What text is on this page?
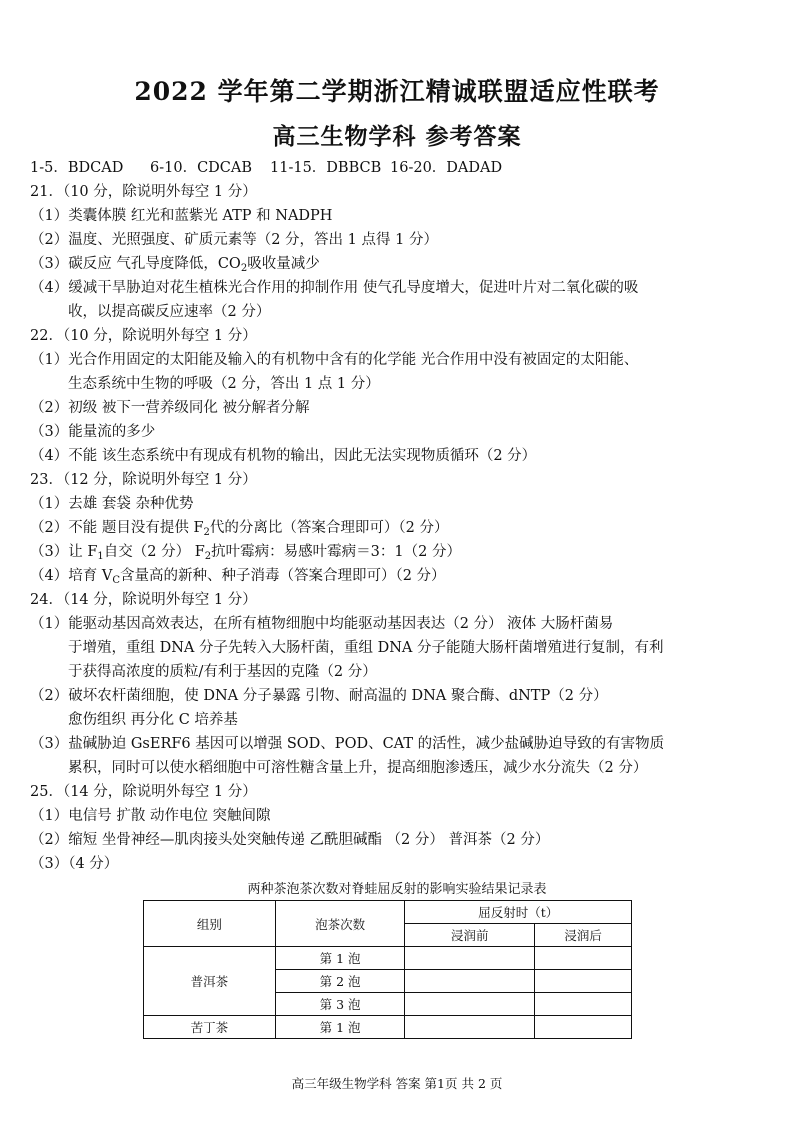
2022 学年第二学期浙江精诚联盟适应性联考
高三生物学科 参考答案
1-5．BDCAD 6-10．CDCAB 11-15．DBBCB 16-20．DADAD
21．（10 分，除说明外每空 1 分）
（1）类囊体膜 红光和蓝紫光 ATP 和 NADPH
（2）温度、光照强度、矿质元素等（2 分，答出 1 点得 1 分）
（3）碳反应 气孔导度降低，$CO_2$吸收量减少
（4）缓减干旱胁迫对花生植株光合作用的抑制作用 使气孔导度增大，促进叶片对二氧化碳的吸
收，以提高碳反应速率（2 分）
22．（10 分，除说明外每空 1 分）
（1）光合作用固定的太阳能及输入的有机物中含有的化学能 光合作用中没有被固定的太阳能、
生态系统中生物的呼吸（2 分，答出 1 点 1 分）
（2）初级 被下一营养级同化 被分解者分解
（3）能量流的多少
（4）不能 该生态系统中有现成有机物的输出，因此无法实现物质循环（2 分）
23．（12 分，除说明外每空 1 分）
（1）去雄 套袋 杂种优势
（2）不能 题目没有提供 $F_2$代的分离比（答案合理即可）（2 分）
（3）让 $F_1$自交（2 分） $F_2$抗叶霉病：易感叶霉病＝3：1（2 分）
（4）培育 $V_C$含量高的新种、种子消毒（答案合理即可）（2 分）
24．（14 分，除说明外每空 1 分）
（1）能驱动基因高效表达，在所有植物细胞中均能驱动基因表达（2 分） 液体 大肠杆菌易
于增殖，重组 DNA 分子先转入大肠杆菌，重组 DNA 分子能随大肠杆菌增殖进行复制，有利
于获得高浓度的质粒/有利于基因的克隆（2 分）
（2）破坏农杆菌细胞，使 DNA 分子暴露 引物、耐高温的 DNA 聚合酶、dNTP（2 分）
愈伤组织 再分化 C 培养基
（3）盐碱胁迫 GsERF6 基因可以增强 SOD、POD、CAT 的活性，减少盐碱胁迫导致的有害物质
累积，同时可以使水稻细胞中可溶性糖含量上升，提高细胞渗透压，减少水分流失（2 分）
25．（14 分，除说明外每空 1 分）
（1）电信号 扩散 动作电位 突触间隙
（2）缩短 坐骨神经—肌肉接头处突触传递 乙酰胆碱酯 （2 分） 普洱茶（2 分）
（3）（4 分）
两种茶泡茶次数对脊蛙屈反射的影响实验结果记录表
组别	泡茶次数	屈反射时（t）	
		浸润前	浸润后
普洱茶	第 1 泡		
	第 2 泡		
	第 3 泡		
苦丁茶	第 1 泡		
高三年级生物学科 答案 第1页 共 2 页
